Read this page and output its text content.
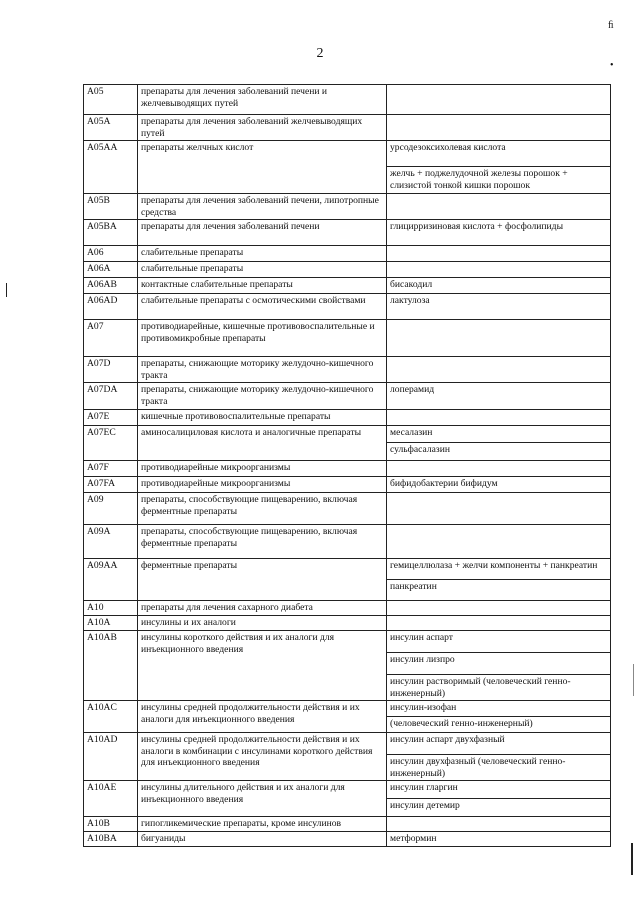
2
ﬁ
•
A05	препараты для лечения заболеваний печени и желчевыводящих путей	
A05A	препараты для лечения заболеваний желчевыводящих путей	
A05AA	препараты желчных кислот	урсодезоксихолевая кислота
		желчь + поджелудочной железы порошок + слизистой тонкой кишки порошок
A05B	препараты для лечения заболеваний печени, липотропные средства	
A05BA	препараты для лечения заболеваний печени	глицирризиновая кислота + фосфолипиды
A06	слабительные препараты	
A06A	слабительные препараты	
A06AB	контактные слабительные препараты	бисакодил
A06AD	слабительные препараты с осмотическими свойствами	лактулоза
A07	противодиарейные, кишечные противовоспалительные и противомикробные препараты	
A07D	препараты, снижающие моторику желудочно-кишечного тракта	
A07DA	препараты, снижающие моторику желудочно-кишечного тракта	лоперамид
A07E	кишечные противовоспалительные препараты	
A07EC	аминосалициловая кислота и аналогичные препараты	месалазин
		сульфасалазин
A07F	противодиарейные микроорганизмы	
A07FA	противодиарейные микроорганизмы	бифидобактерии бифидум
A09	препараты, способствующие пищеварению, включая ферментные препараты	
A09A	препараты, способствующие пищеварению, включая ферментные препараты	
A09AA	ферментные препараты	гемицеллюлаза + желчи компоненты + панкреатин
		панкреатин
A10	препараты для лечения сахарного диабета	
A10A	инсулины и их аналоги	
A10AB	инсулины короткого действия и их аналоги для инъекционного введения	инсулин аспарт
		инсулин лизпро
		инсулин растворимый (человеческий генно-инженерный)
A10AC	инсулины средней продолжительности действия и их аналоги для инъекционного введения	инсулин-изофан
		(человеческий генно-инженерный)
A10AD	инсулины средней продолжительности действия и их аналоги в комбинации с инсулинами короткого действия для инъекционного введения	инсулин аспарт двухфазный
		инсулин двухфазный (человеческий генно-инженерный)
A10AE	инсулины длительного действия и их аналоги для инъекционного введения	инсулин гларгин
		инсулин детемир
A10B	гипогликемические препараты, кроме инсулинов	
A10BA	бигуаниды	метформин
